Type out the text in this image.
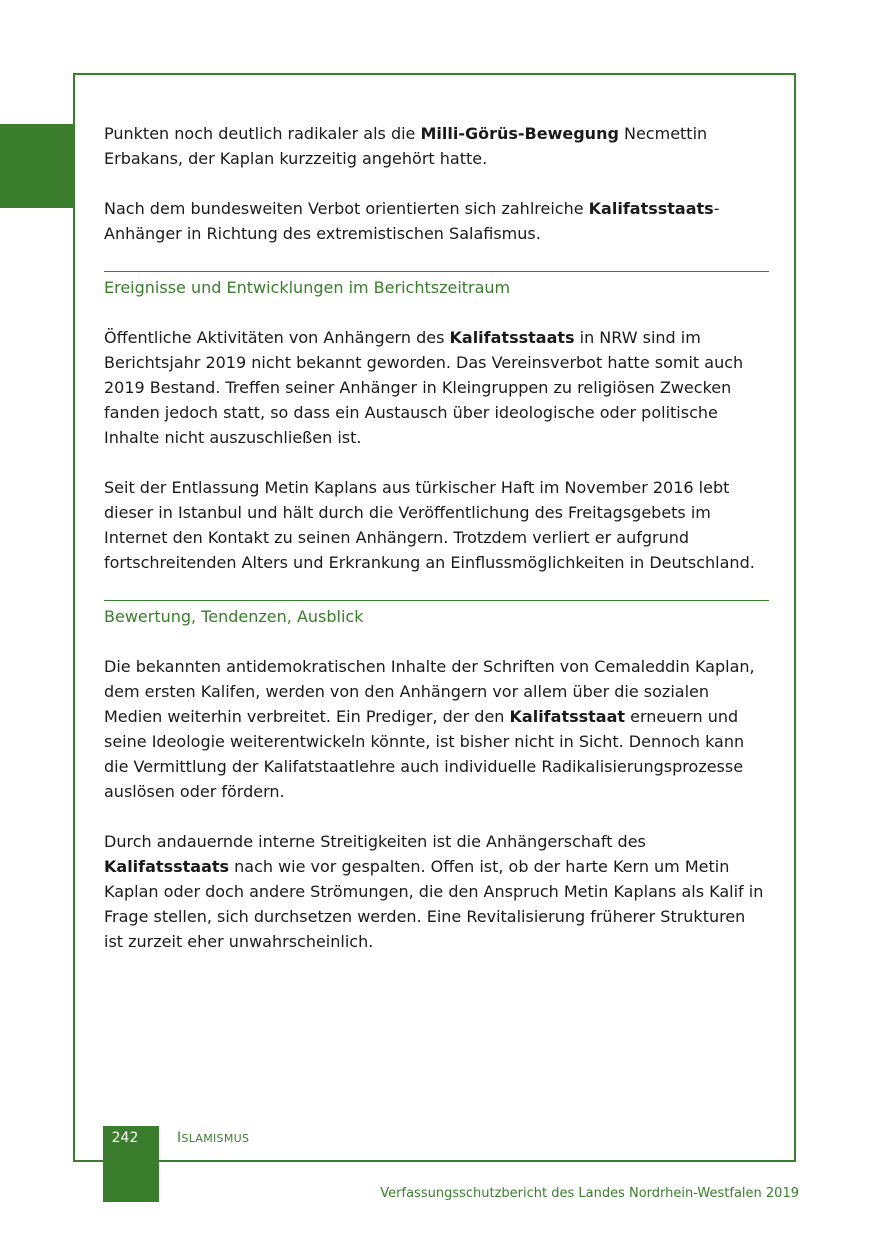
Punkten noch deutlich radikaler als die Milli-Görüs-Bewegung Necmettin Erbakans, der Kaplan kurzzeitig angehört hatte.

Nach dem bundesweiten Verbot orientierten sich zahlreiche Kalifatsstaats-Anhänger in Richtung des extremistischen Salafismus.

Ereignisse und Entwicklungen im Berichtszeitraum

Öffentliche Aktivitäten von Anhängern des Kalifatsstaats in NRW sind im Berichtsjahr 2019 nicht bekannt geworden. Das Vereinsverbot hatte somit auch 2019 Bestand. Treffen seiner Anhänger in Kleingruppen zu religiösen Zwecken fanden jedoch statt, so dass ein Austausch über ideologische oder politische Inhalte nicht auszuschließen ist.

Seit der Entlassung Metin Kaplans aus türkischer Haft im November 2016 lebt dieser in Istanbul und hält durch die Veröffentlichung des Freitagsgebets im Internet den Kontakt zu seinen Anhängern. Trotzdem verliert er aufgrund fortschreitenden Alters und Erkrankung an Einflussmöglichkeiten in Deutschland.

Bewertung, Tendenzen, Ausblick

Die bekannten antidemokratischen Inhalte der Schriften von Cemaleddin Kaplan, dem ersten Kalifen, werden von den Anhängern vor allem über die sozialen Medien weiterhin verbreitet. Ein Prediger, der den Kalifatsstaat erneuern und seine Ideologie weiterentwickeln könnte, ist bisher nicht in Sicht. Dennoch kann die Vermittlung der Kalifatstaatlehre auch individuelle Radikalisierungsprozesse auslösen oder fördern.

Durch andauernde interne Streitigkeiten ist die Anhängerschaft des Kalifatsstaats nach wie vor gespalten. Offen ist, ob der harte Kern um Metin Kaplan oder doch andere Strömungen, die den Anspruch Metin Kaplans als Kalif in Frage stellen, sich durchsetzen werden. Eine Revitalisierung früherer Strukturen ist zurzeit eher unwahrscheinlich.

242	ISLAMISMUS
Verfassungsschutzbericht des Landes Nordrhein-Westfalen 2019
